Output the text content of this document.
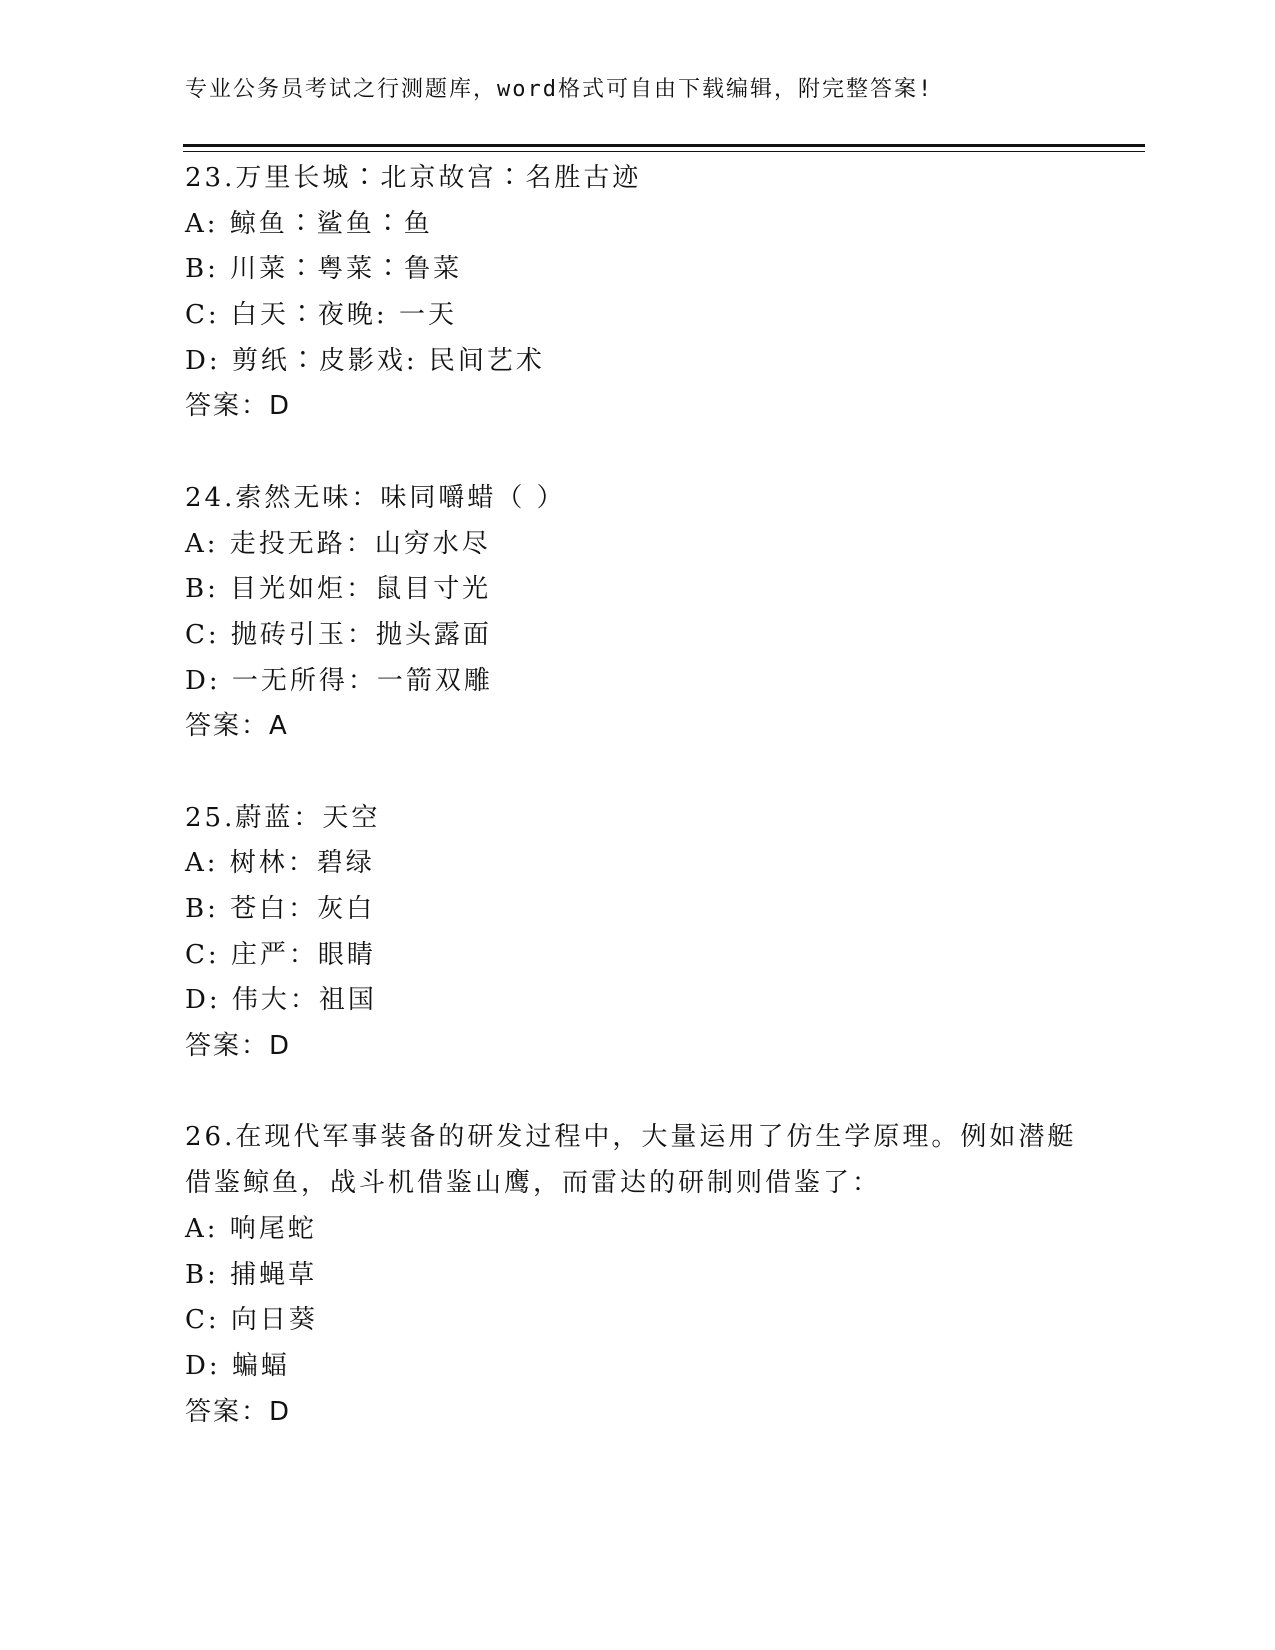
专业公务员考试之行测题库，word格式可自由下载编辑，附完整答案!
23.万里长城∶北京故宫∶名胜古迹
A: 鲸鱼∶鲨鱼∶鱼
B: 川菜∶粤菜∶鲁菜
C: 白天∶夜晚: 一天
D: 剪纸∶皮影戏: 民间艺术
答案：D
24.索然无味：味同嚼蜡（ ）
A: 走投无路：山穷水尽
B: 目光如炬：鼠目寸光
C: 抛砖引玉：抛头露面
D: 一无所得：一箭双雕
答案：A
25.蔚蓝：天空
A: 树林：碧绿
B: 苍白：灰白
C: 庄严：眼睛
D: 伟大：祖国
答案：D
26.在现代军事装备的研发过程中，大量运用了仿生学原理。例如潜艇
借鉴鲸鱼，战斗机借鉴山鹰，而雷达的研制则借鉴了：
A: 响尾蛇
B: 捕蝇草
C: 向日葵
D: 蝙蝠
答案：D
